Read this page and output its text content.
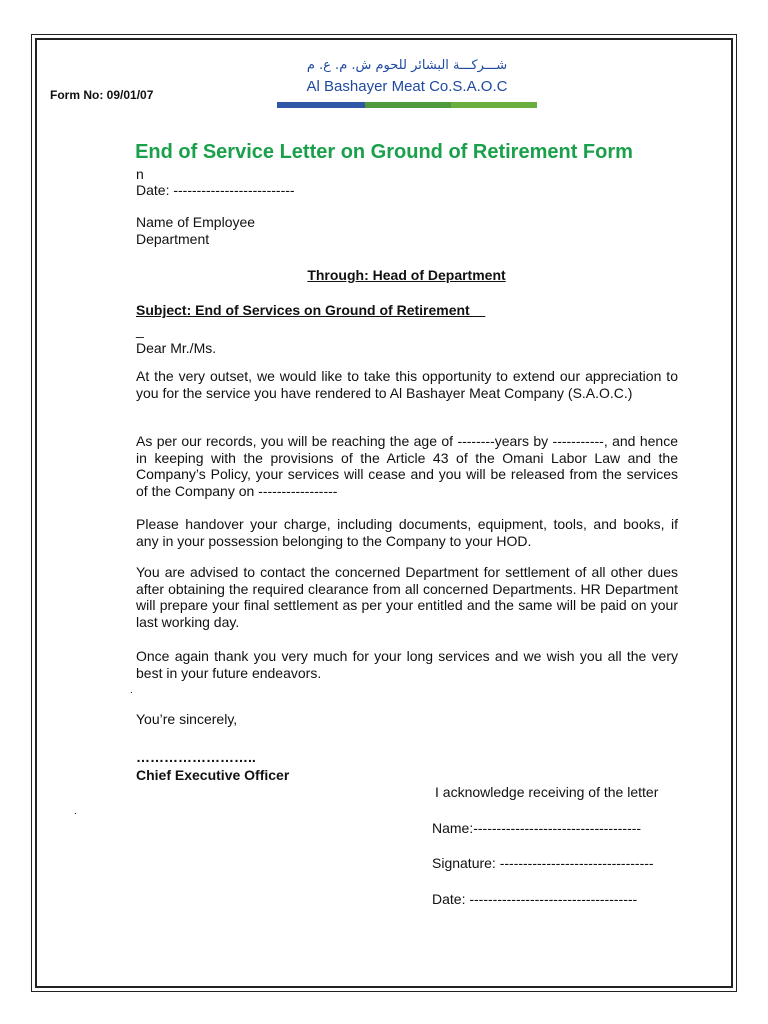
Form No: 09/01/07
شـــركـــة البشائر للحوم ش. م. ع. م
Al Bashayer Meat Co.S.A.O.C
End of Service Letter on Ground of Retirement Form
n
Date: --------------------------
Name of Employee
Department
Through: Head of Department
Subject: End of Services on Ground of Retirement
_
Dear Mr./Ms.
At the very outset, we would like to take this opportunity to extend our appreciation to you for the service you have rendered to Al Bashayer Meat Company (S.A.O.C.)
As per our records, you will be reaching the age of --------years by -----------, and hence in keeping with the provisions of the Article 43 of the Omani Labor Law and the Company’s Policy, your services will cease and you will be released from the services of the Company on -----------------
Please handover your charge, including documents, equipment, tools, and books, if any in your possession belonging to the Company to your HOD.
You are advised to contact the concerned Department for settlement of all other dues after obtaining the required clearance from all concerned Departments. HR Department will prepare your final settlement as per your entitled and the same will be paid on your last working day.
Once again thank you very much for your long services and we wish you all the very best in your future endeavors.
.
You’re sincerely,
……………………..
Chief Executive Officer
I acknowledge receiving of the letter
.
Name:------------------------------------
Signature: ---------------------------------
Date: ------------------------------------
